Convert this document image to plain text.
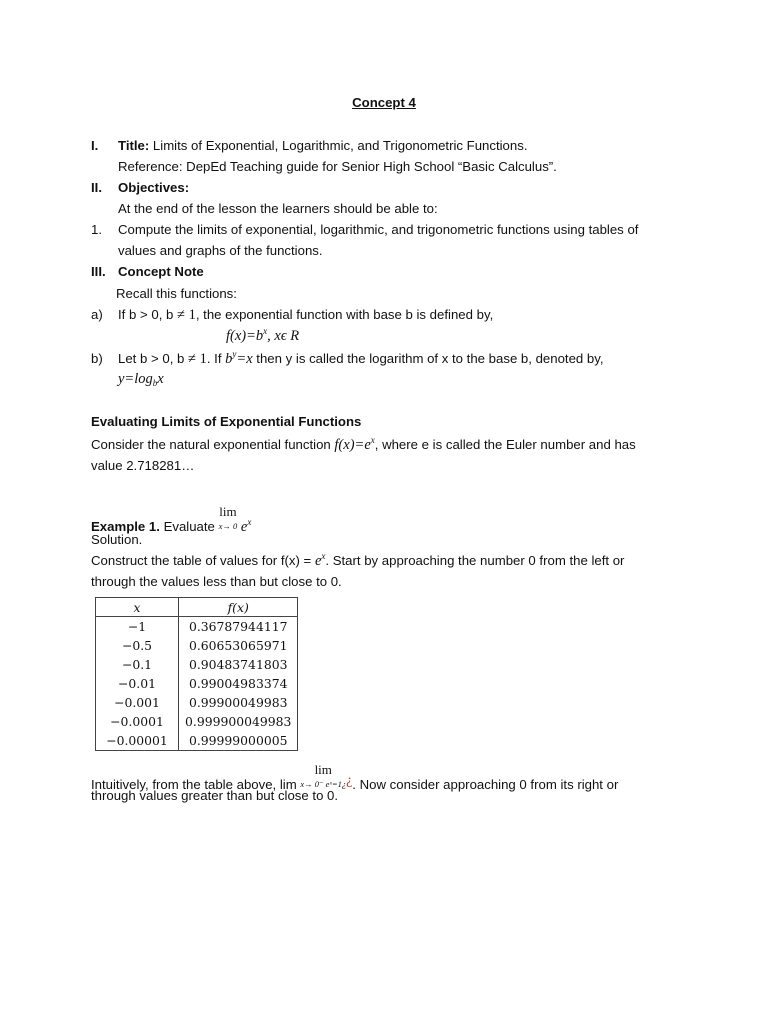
Concept 4
I. Title: Limits of Exponential, Logarithmic, and Trigonometric Functions.
Reference: DepEd Teaching guide for Senior High School “Basic Calculus”.
II. Objectives:
At the end of the lesson the learners should be able to:
1. Compute the limits of exponential, logarithmic, and trigonometric functions using tables of
values and graphs of the functions.
III. Concept Note
Recall this functions:
a) If b > 0, b ≠ 1, the exponential function with base b is defined by,
$f(x)=b^x$, xϵ R
b) Let b > 0, b ≠ 1. If $b^y=x$ then y is called the logarithm of x to the base b, denoted by,
$y=\log_bx$
Evaluating Limits of Exponential Functions
Consider the natural exponential function $f(x)=e^x$, where e is called the Euler number and has
value 2.718281…
Example 1. Evaluate lim
x→ 0 $e^x$
Solution.
Construct the table of values for $f(x) = e^x$. Start by approaching the number 0 from the left or
through the values less than but close to 0.
x	f(x)
−1	0.36787944117
−0.5	0.60653065971
−0.1	0.90483741803
−0.01	0.99004983374
−0.001	0.99900049983
−0.0001	0.999900049983
−0.00001	0.99999000005
Intuitively, from the table above, lim lim
x→ 0⁻ eˣ=1¿ ¿. Now consider approaching 0 from its right or
through values greater than but close to 0.
